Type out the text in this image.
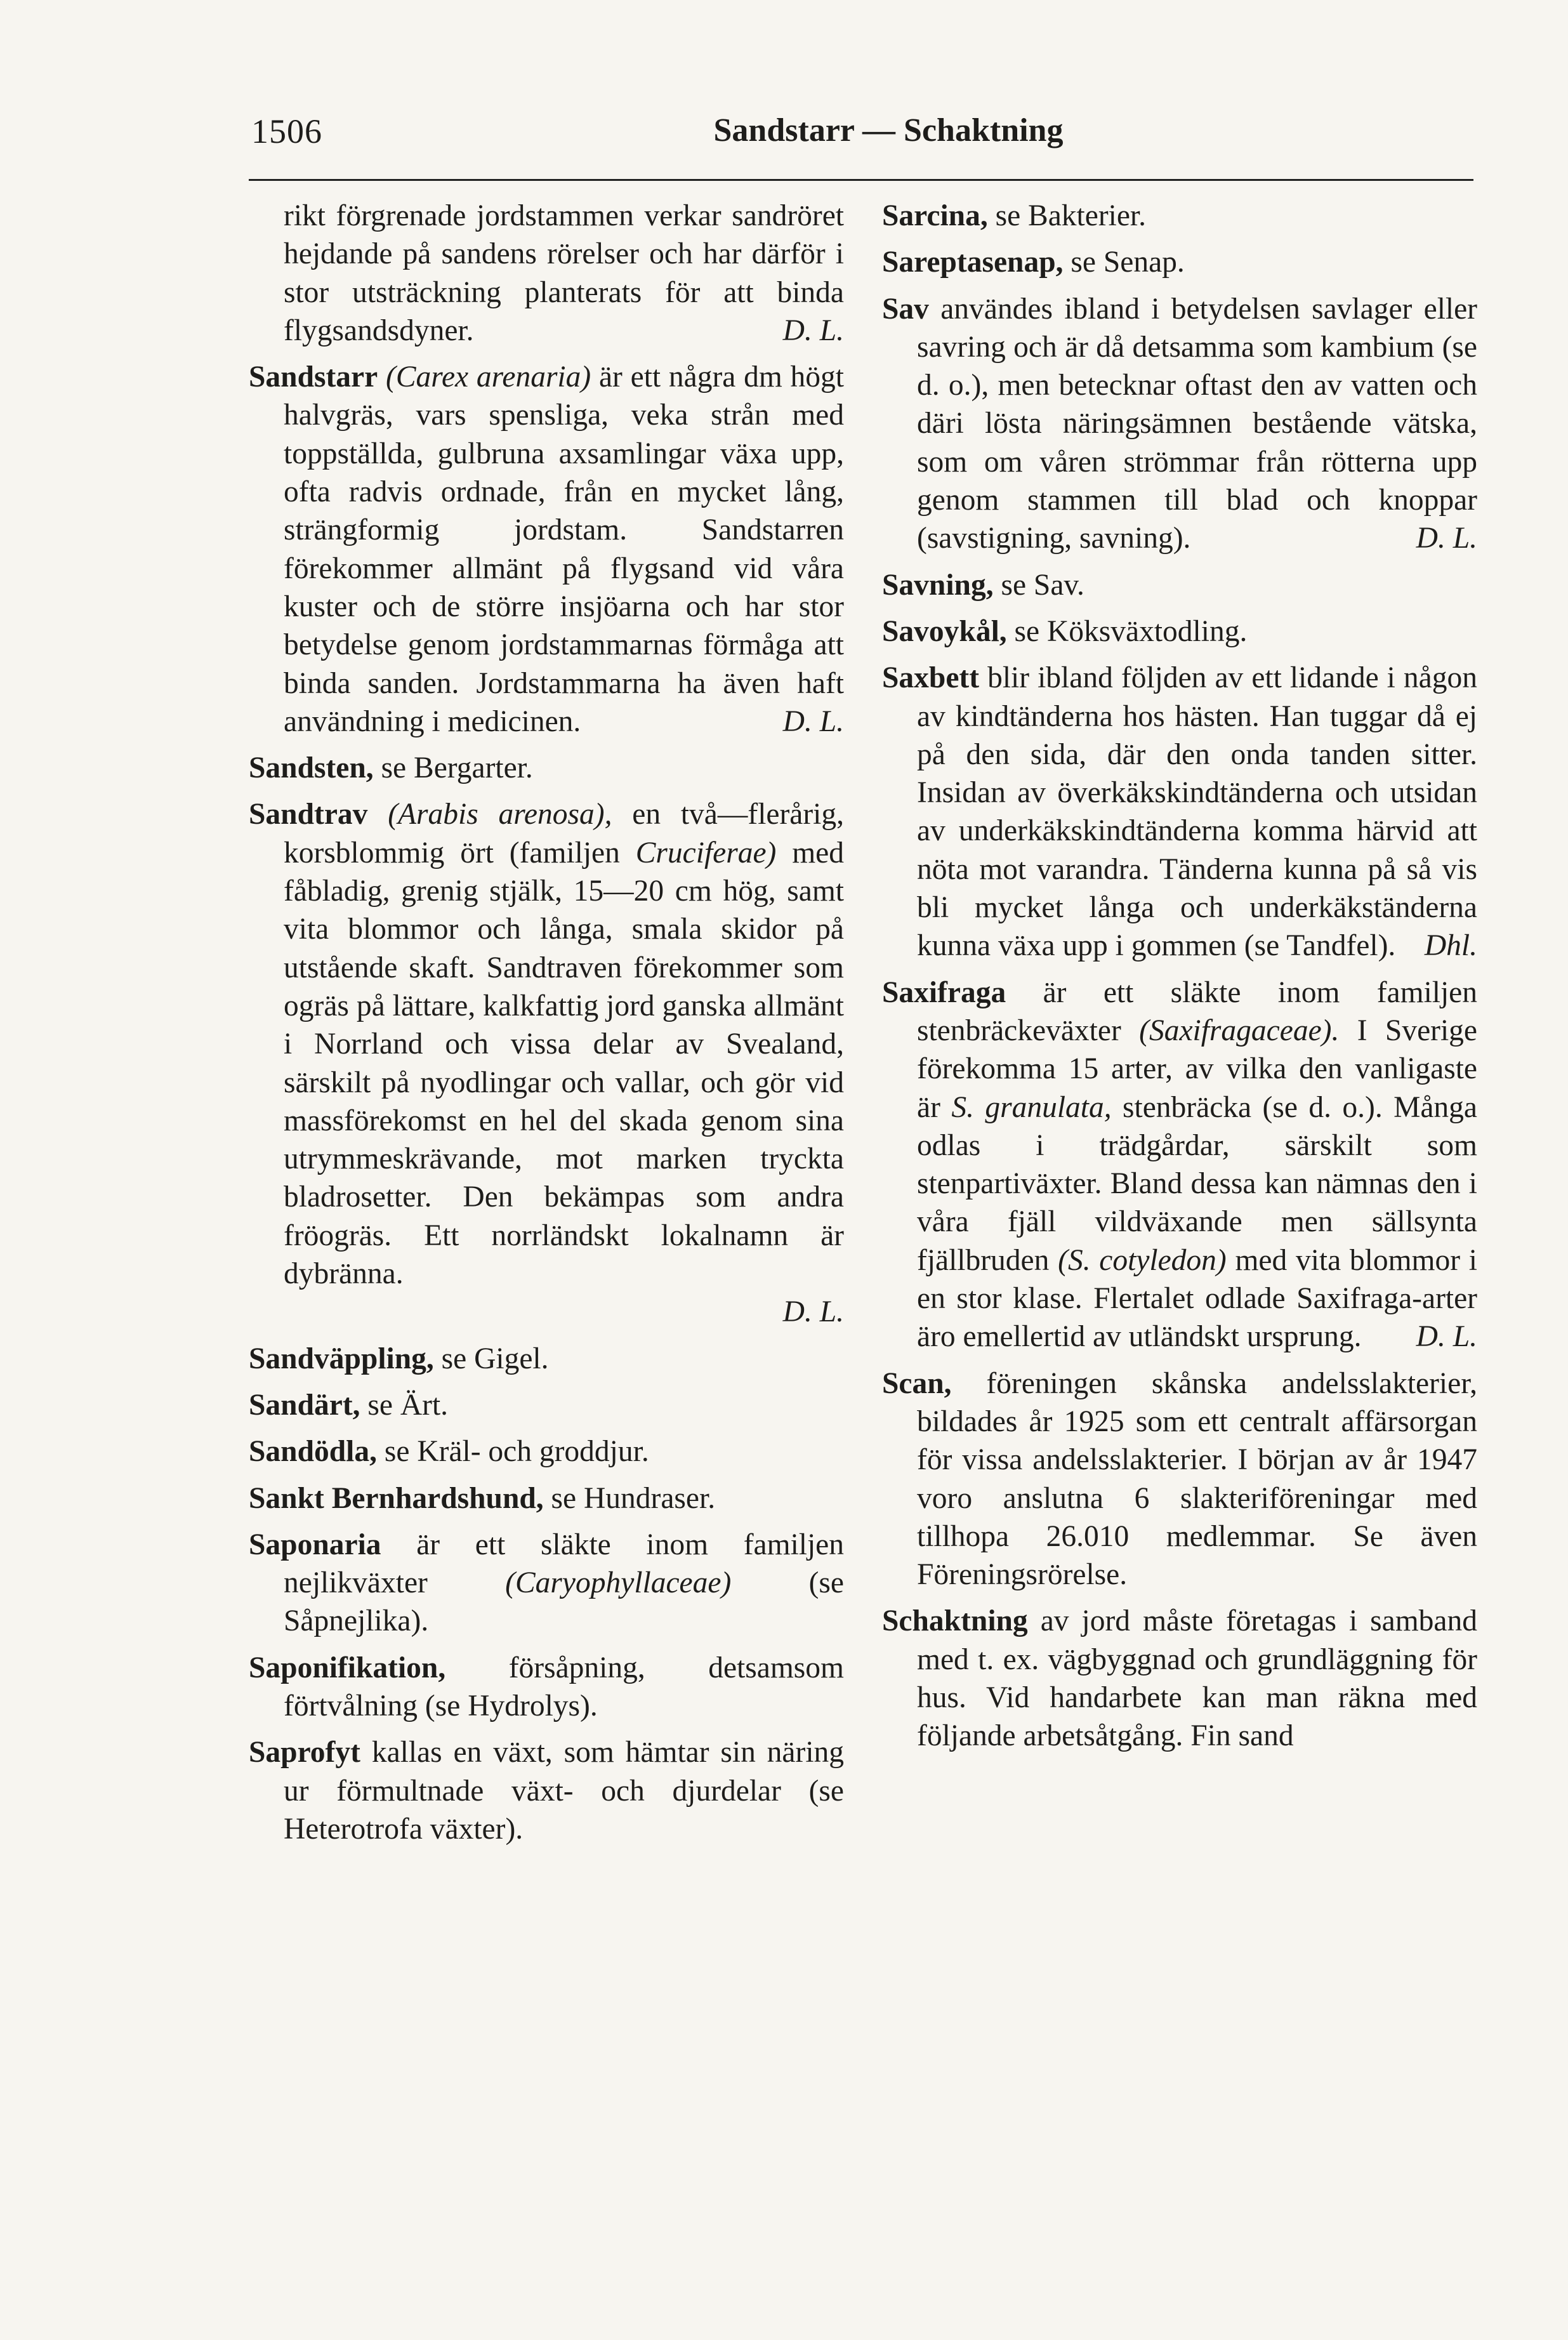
1506	Sandstarr — Schaktning

rikt förgrenade jordstammen verkar sandröret hejdande på sandens rörelser och har därför i stor utsträckning planterats för att binda flygsandsdyner.	D. L.

Sandstarr (Carex arenaria) är ett några dm högt halvgräs, vars spensliga, veka strån med toppställda, gulbruna axsamlingar växa upp, ofta radvis ordnade, från en mycket lång, strängformig jordstam. Sandstarren förekommer allmänt på flygsand vid våra kuster och de större insjöarna och har stor betydelse genom jordstammarnas förmåga att binda sanden. Jordstammarna ha även haft användning i medicinen.	D. L.

Sandsten, se Bergarter.

Sandtrav (Arabis arenosa), en två—flerårig, korsblommig ört (familjen Cruciferae) med fåbladig, grenig stjälk, 15—20 cm hög, samt vita blommor och långa, smala skidor på utstående skaft. Sandtraven förekommer som ogräs på lättare, kalkfattig jord ganska allmänt i Norrland och vissa delar av Svealand, särskilt på nyodlingar och vallar, och gör vid massförekomst en hel del skada genom sina utrymmeskrävande, mot marken tryckta bladrosetter. Den bekämpas som andra fröogräs. Ett norrländskt lokalnamn är dybränna.
D. L.

Sandväppling, se Gigel.

Sandärt, se Ärt.

Sandödla, se Kräl- och groddjur.

Sankt Bernhardshund, se Hundraser.

Saponaria är ett släkte inom familjen nejlikväxter	(Caryophyllaceae)	(se Såpnejlika).

Saponifikation, försåpning, detsamsom förtvålning (se Hydrolys).

Saprofyt kallas en växt, som hämtar sin näring ur förmultnade växt- och djurdelar (se Heterotrofa växter).

Sarcina, se Bakterier.

Sareptasenap, se Senap.

Sav användes ibland i betydelsen savlager eller savring och är då detsamma som kambium (se d. o.), men betecknar oftast den av vatten och däri lösta näringsämnen bestående vätska, som om våren strömmar från rötterna upp genom stammen till blad och knoppar (savstigning, savning).	D. L.

Savning, se Sav.

Savoykål, se Köksväxtodling.

Saxbett blir ibland följden av ett lidande i någon av kindtänderna hos hästen. Han tuggar då ej på den sida, där den onda tanden sitter. Insidan av överkäkskindtänderna och utsidan av underkäkskindtänderna komma härvid att nöta mot varandra. Tänderna kunna på så vis bli mycket långa och underkäkständerna kunna växa upp i gommen (se Tandfel). Dhl.

Saxifraga är ett släkte inom familjen stenbräckeväxter (Saxifragaceae). I Sverige förekomma 15 arter, av vilka den vanligaste är S. granulata, stenbräcka (se d. o.). Många odlas i trädgårdar, särskilt som stenpartiväxter. Bland dessa kan nämnas den i våra fjäll vildväxande men sällsynta fjällbruden (S. cotyledon) med vita blommor i en stor klase. Flertalet odlade Saxifraga-arter äro emellertid av utländskt ursprung. D. L.

Scan, föreningen skånska andelsslakterier, bildades år 1925 som ett centralt affärsorgan för vissa andelsslakterier. I början av år 1947 voro anslutna 6 slakteriföreningar med tillhopa 26.010 medlemmar. Se även Föreningsrörelse.

Schaktning av jord måste företagas i samband med t. ex. vägbyggnad och grundläggning för hus. Vid handarbete kan man räkna med följande arbetsåtgång. Fin sand
